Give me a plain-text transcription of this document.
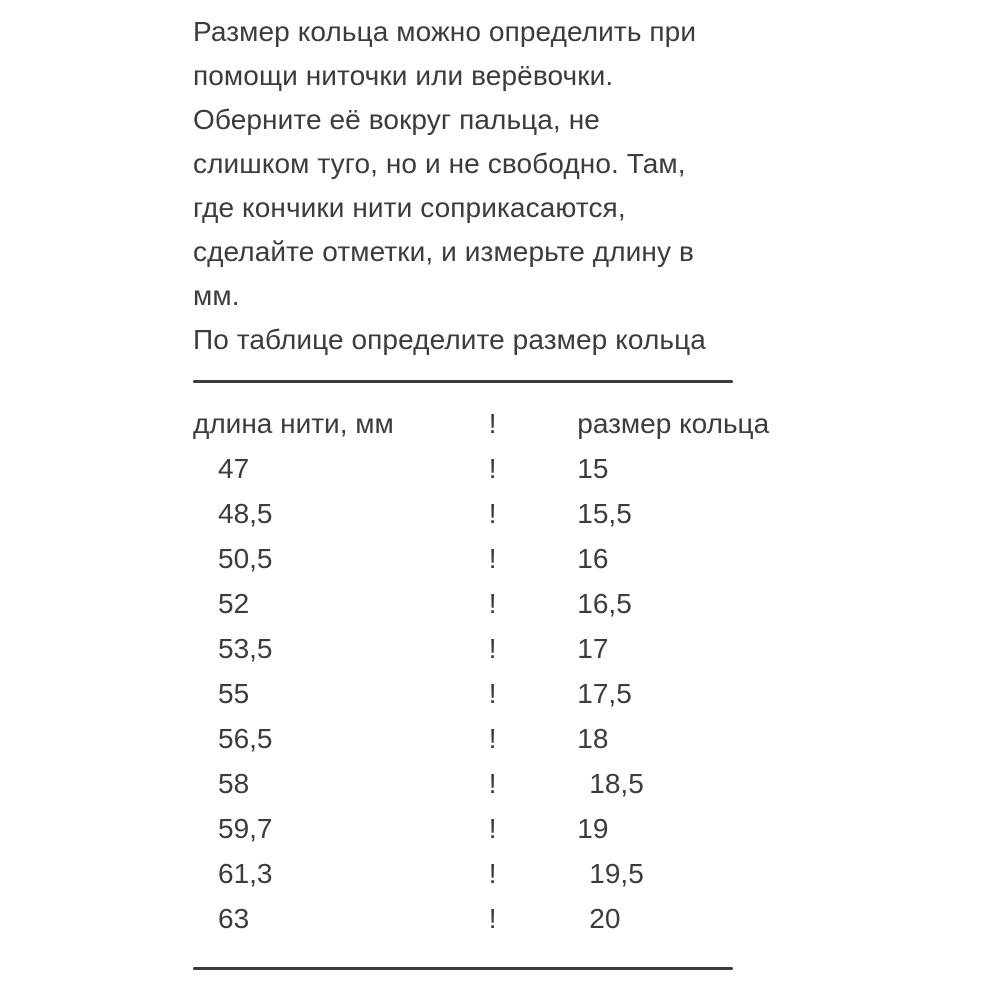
Размер кольца можно определить при

помощи ниточки или верёвочки.

Оберните её вокруг пальца, не

слишком туго, но и не свободно. Там,

где кончики нити соприкасаются,

сделайте отметки, и измерьте длину в

мм.

По таблице определите размер кольца

длина нити, мм	!	размер кольца
47	!	15
48,5	!	15,5
50,5	!	16
52	!	16,5
53,5	!	17
55	!	17,5
56,5	!	18
58	!	18,5
59,7	!	19
61,3	!	19,5
63	!	20
